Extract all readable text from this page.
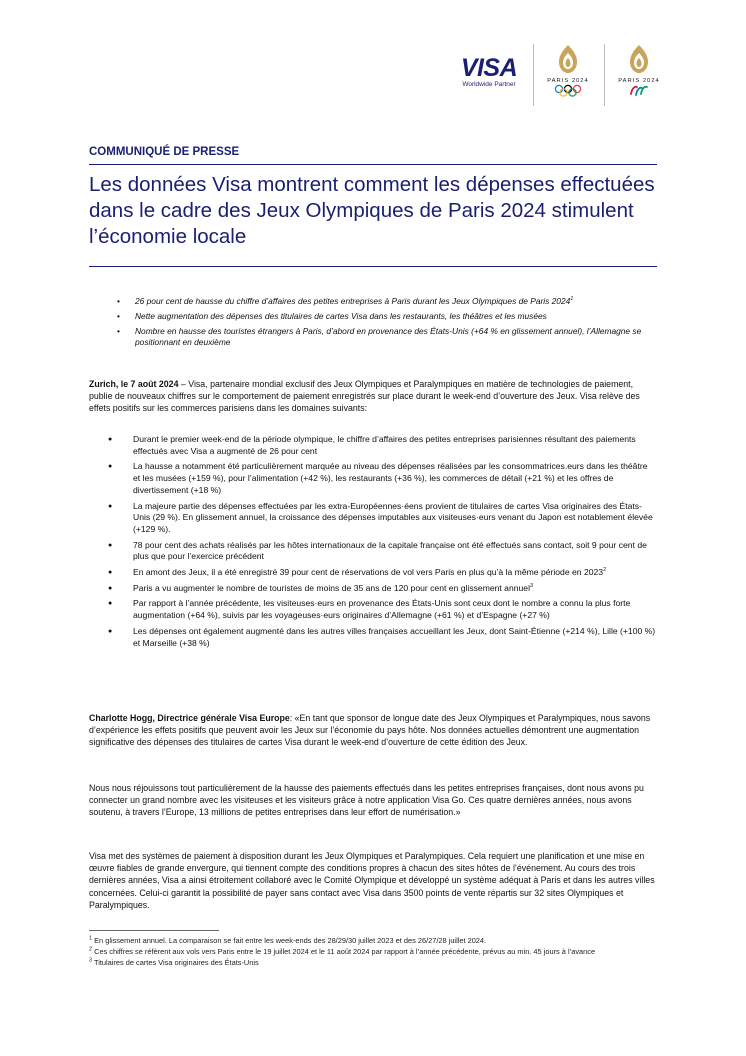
VISA
Worldwide Partner	PARIS 2024	PARIS 2024
COMMUNIQUÉ DE PRESSE
Les données Visa montrent comment les dépenses effectuées dans le cadre des Jeux Olympiques de Paris 2024 stimulent l’économie locale
• 26 pour cent de hausse du chiffre d’affaires des petites entreprises à Paris durant les Jeux Olympiques de Paris 2024$^1$
• Nette augmentation des dépenses des titulaires de cartes Visa dans les restaurants, les théâtres et les musées
• Nombre en hausse des touristes étrangers à Paris, d’abord en provenance des États-Unis (+64 % en glissement annuel), l’Allemagne se positionnant en deuxième

Zurich, le 7 août 2024 – Visa, partenaire mondial exclusif des Jeux Olympiques et Paralympiques en matière de technologies de paiement, publie de nouveaux chiffres sur le comportement de paiement enregistrés sur place durant le week-end d’ouverture des Jeux. Visa relève des effets positifs sur les commerces parisiens dans les domaines suivants:

● Durant le premier week-end de la période olympique, le chiffre d’affaires des petites entreprises parisiennes résultant des paiements effectués avec Visa a augmenté de 26 pour cent
● La hausse a notamment été particulièrement marquée au niveau des dépenses réalisées par les consommatrices.eurs dans les théâtre et les musées (+159 %), pour l’alimentation (+42 %), les restaurants (+36 %), les commerces de détail (+21 %) et les offres de divertissement (+18 %)
● La majeure partie des dépenses effectuées par les extra-Européennes·éens provient de titulaires de cartes Visa originaires des États-Unis (29 %). En glissement annuel, la croissance des dépenses imputables aux visiteuses·eurs venant du Japon est notablement élevée (+129 %).
● 78 pour cent des achats réalisés par les hôtes internationaux de la capitale française ont été effectués sans contact, soit 9 pour cent de plus que pour l’exercice précédent
● En amont des Jeux, il a été enregistré 39 pour cent de réservations de vol vers Paris en plus qu’à la même période en 2023$^2$
● Paris a vu augmenter le nombre de touristes de moins de 35 ans de 120 pour cent en glissement annuel$^3$
● Par rapport à l’année précédente, les visiteuses·eurs en provenance des États-Unis sont ceux dont le nombre a connu la plus forte augmentation (+64 %), suivis par les voyageuses·eurs originaires d’Allemagne (+61 %) et d’Espagne (+27 %)
● Les dépenses ont également augmenté dans les autres villes françaises accueillant les Jeux, dont Saint-Étienne (+214 %), Lille (+100 %) et Marseille (+38 %)

Charlotte Hogg, Directrice générale Visa Europe: «En tant que sponsor de longue date des Jeux Olympiques et Paralympiques, nous savons d’expérience les effets positifs que peuvent avoir les Jeux sur l’économie du pays hôte. Nos données actuelles démontrent une augmentation significative des dépenses des titulaires de cartes Visa durant le week-end d’ouverture de cette édition des Jeux.

Nous nous réjouissons tout particulièrement de la hausse des paiements effectués dans les petites entreprises françaises, dont nous avons pu connecter un grand nombre avec les visiteuses et les visiteurs grâce à notre application Visa Go. Ces quatre dernières années, nous avons soutenu, à travers l’Europe, 13 millions de petites entreprises dans leur effort de numérisation.»

Visa met des systèmes de paiement à disposition durant les Jeux Olympiques et Paralympiques. Cela requiert une planification et une mise en œuvre fiables de grande envergure, qui tiennent compte des conditions propres à chacun des sites hôtes de l’événement. Au cours des trois dernières années, Visa a ainsi étroitement collaboré avec le Comité Olympique et développé un système adéquat à Paris et dans les autres villes concernées. Celui-ci garantit la possibilité de payer sans contact avec Visa dans 3500 points de vente répartis sur 32 sites Olympiques et Paralympiques.

$^1$ En glissement annuel. La comparaison se fait entre les week-ends des 28/29/30 juillet 2023 et des 26/27/28 juillet 2024.
$^2$ Ces chiffres se réfèrent aux vols vers Paris entre le 19 juillet 2024 et le 11 août 2024 par rapport à l’année précédente, prévus au min. 45 jours à l’avance
$^3$ Titulaires de cartes Visa originaires des États-Unis
